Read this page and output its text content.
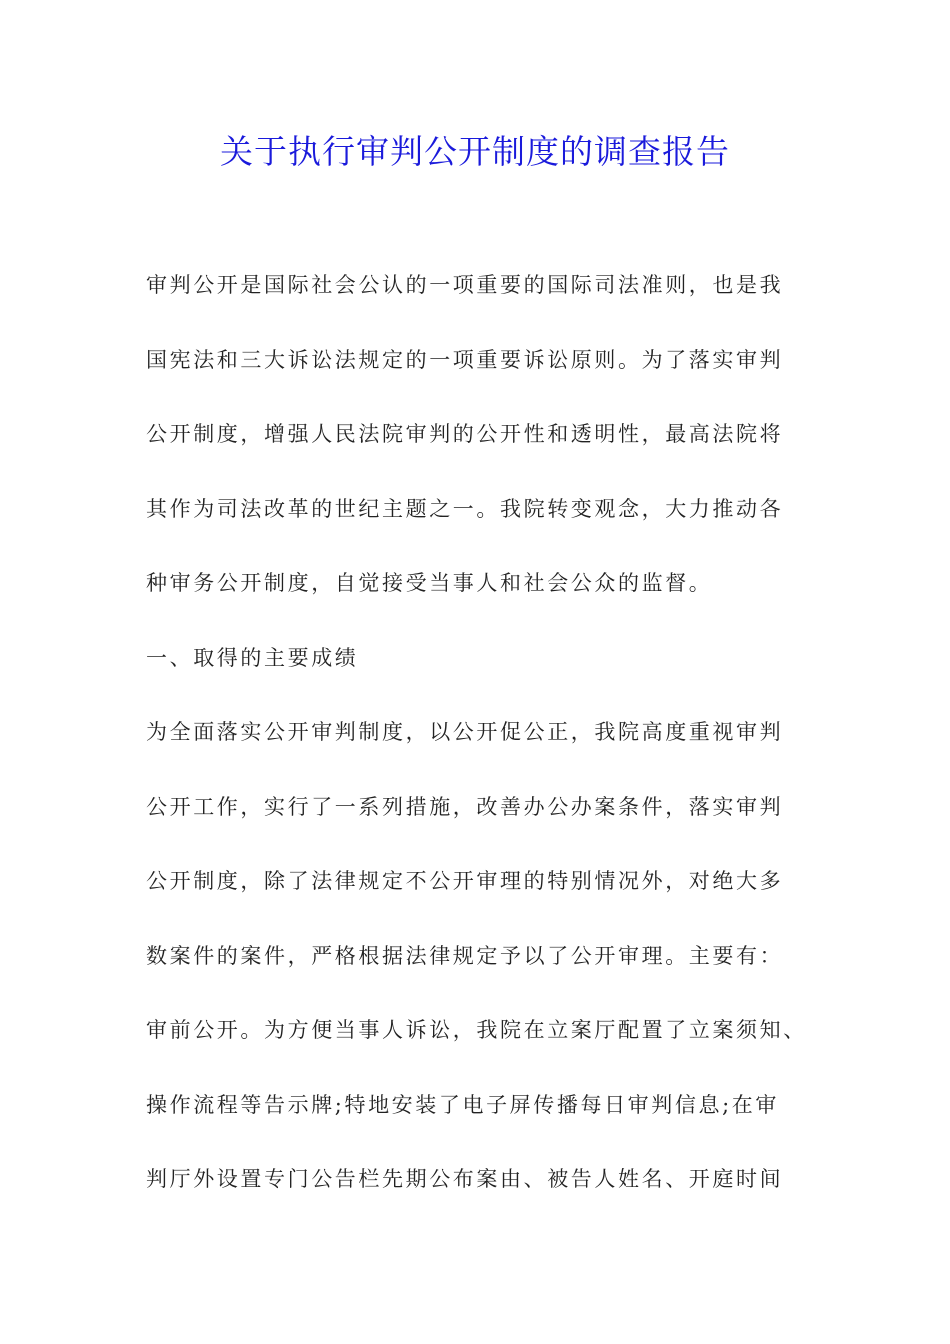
关于执行审判公开制度的调查报告

审判公开是国际社会公认的一项重要的国际司法准则，也是我

国宪法和三大诉讼法规定的一项重要诉讼原则。为了落实审判

公开制度，增强人民法院审判的公开性和透明性，最高法院将

其作为司法改革的世纪主题之一。我院转变观念，大力推动各

种审务公开制度，自觉接受当事人和社会公众的监督。

一、取得的主要成绩

为全面落实公开审判制度，以公开促公正，我院高度重视审判

公开工作，实行了一系列措施，改善办公办案条件，落实审判

公开制度，除了法律规定不公开审理的特别情况外，对绝大多

数案件的案件，严格根据法律规定予以了公开审理。主要有：

审前公开。为方便当事人诉讼，我院在立案厅配置了立案须知、

操作流程等告示牌;特地安装了电子屏传播每日审判信息;在审

判厅外设置专门公告栏先期公布案由、被告人姓名、开庭时间
